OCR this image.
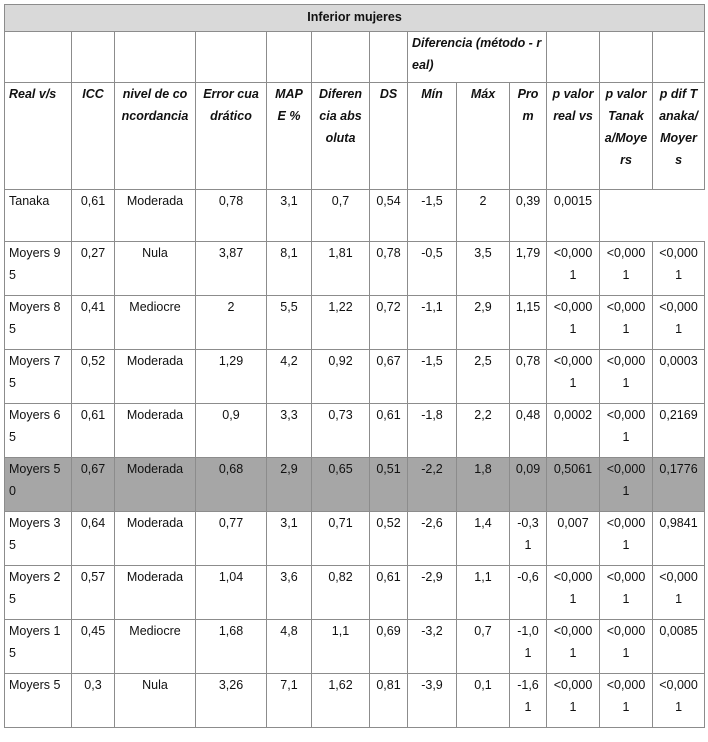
Inferior mujeres												
							Diferencia (método - real)					
Real v/s	ICC	nivel de concordancia	Error cuadrático	MAPE %	Diferencia absoluta	DS	Mín	Máx	Prom	p valor real vs	p valor Tanaka/Moyers	p dif Tanaka/Moyers
Tanaka	0,61	Moderada	0,78	3,1	0,7	0,54	-1,5	2	0,39	0,0015		
Moyers 95	0,27	Nula	3,87	8,1	1,81	0,78	-0,5	3,5	1,79	<0,0001	<0,0001	<0,0001
Moyers 85	0,41	Mediocre	2	5,5	1,22	0,72	-1,1	2,9	1,15	<0,0001	<0,0001	<0,0001
Moyers 75	0,52	Moderada	1,29	4,2	0,92	0,67	-1,5	2,5	0,78	<0,0001	<0,0001	0,0003
Moyers 65	0,61	Moderada	0,9	3,3	0,73	0,61	-1,8	2,2	0,48	0,0002	<0,0001	0,2169
Moyers 50	0,67	Moderada	0,68	2,9	0,65	0,51	-2,2	1,8	0,09	0,5061	<0,0001	0,1776
Moyers 35	0,64	Moderada	0,77	3,1	0,71	0,52	-2,6	1,4	-0,31	0,007	<0,0001	0,9841
Moyers 25	0,57	Moderada	1,04	3,6	0,82	0,61	-2,9	1,1	-0,6	<0,0001	<0,0001	<0,0001
Moyers 15	0,45	Mediocre	1,68	4,8	1,1	0,69	-3,2	0,7	-1,01	<0,0001	<0,0001	0,0085
Moyers 5	0,3	Nula	3,26	7,1	1,62	0,81	-3,9	0,1	-1,61	<0,0001	<0,0001	<0,0001
